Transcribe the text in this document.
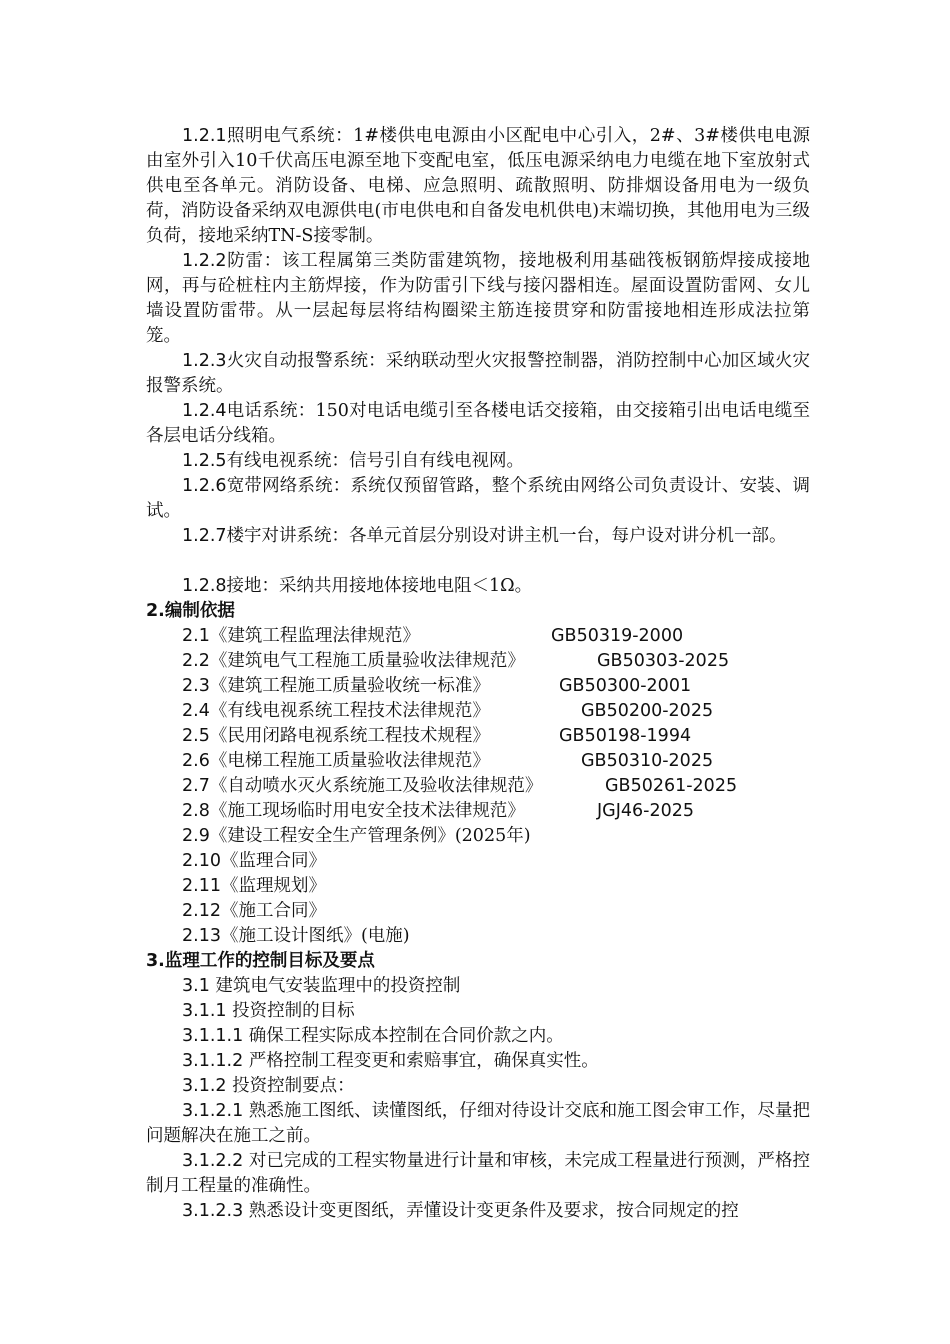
1.2.1照明电气系统：1#楼供电电源由小区配电中心引入，2#、3#楼供电电源由室外引入10千伏高压电源至地下变配电室，低压电源采纳电力电缆在地下室放射式供电至各单元。消防设备、电梯、应急照明、疏散照明、防排烟设备用电为一级负荷，消防设备采纳双电源供电(市电供电和自备发电机供电)末端切换，其他用电为三级负荷，接地采纳TN-S接零制。

1.2.2防雷：该工程属第三类防雷建筑物，接地极利用基础筏板钢筋焊接成接地网，再与砼桩柱内主筋焊接，作为防雷引下线与接闪器相连。屋面设置防雷网、女儿墙设置防雷带。从一层起每层将结构圈梁主筋连接贯穿和防雷接地相连形成法拉第笼。

1.2.3火灾自动报警系统：采纳联动型火灾报警控制器，消防控制中心加区域火灾报警系统。

1.2.4电话系统：150对电话电缆引至各楼电话交接箱，由交接箱引出电话电缆至各层电话分线箱。

1.2.5有线电视系统：信号引自有线电视网。

1.2.6宽带网络系统：系统仅预留管路，整个系统由网络公司负责设计、安装、调试。

1.2.7楼宇对讲系统：各单元首层分别设对讲主机一台，每户设对讲分机一部。

1.2.8接地：采纳共用接地体接地电阻＜1Ω。

2.编制依据

2.1《建筑工程监理法律规范》	GB50319-2000
2.2《建筑电气工程施工质量验收法律规范》	GB50303-2025
2.3《建筑工程施工质量验收统一标准》	GB50300-2001
2.4《有线电视系统工程技术法律规范》	GB50200-2025
2.5《民用闭路电视系统工程技术规程》	GB50198-1994
2.6《电梯工程施工质量验收法律规范》	GB50310-2025
2.7《自动喷水灭火系统施工及验收法律规范》	GB50261-2025
2.8《施工现场临时用电安全技术法律规范》	JGJ46-2025
2.9《建设工程安全生产管理条例》(2025年)
2.10《监理合同》
2.11《监理规划》
2.12《施工合同》
2.13《施工设计图纸》(电施)

3.监理工作的控制目标及要点

3.1 建筑电气安装监理中的投资控制
3.1.1 投资控制的目标
3.1.1.1 确保工程实际成本控制在合同价款之内。
3.1.1.2 严格控制工程变更和索赔事宜，确保真实性。
3.1.2 投资控制要点：

3.1.2.1 熟悉施工图纸、读懂图纸，仔细对待设计交底和施工图会审工作，尽量把问题解决在施工之前。

3.1.2.2 对已完成的工程实物量进行计量和审核，未完成工程量进行预测，严格控制月工程量的准确性。

3.1.2.3 熟悉设计变更图纸，弄懂设计变更条件及要求，按合同规定的控
